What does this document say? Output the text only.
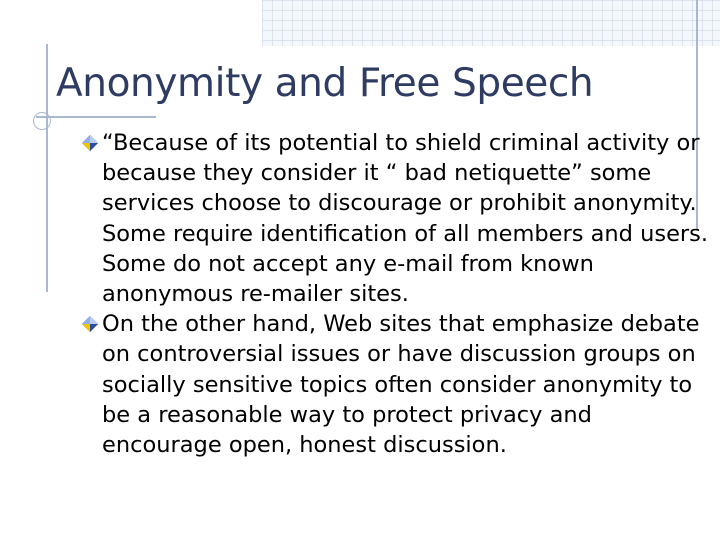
Anonymity and Free Speech
“Because of its potential to shield criminal activity or because they consider it “ bad netiquette” some services choose to discourage or prohibit anonymity. Some require identification of all members and users. Some do not accept any e-mail from known anonymous re-mailer sites.
On the other hand, Web sites that emphasize debate on controversial issues or have discussion groups on socially sensitive topics often consider anonymity to be a reasonable way to protect privacy and encourage open, honest discussion.
